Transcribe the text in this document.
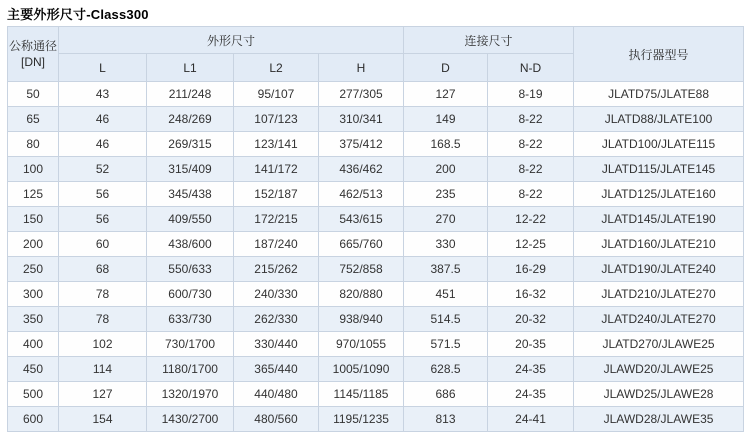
主要外形尺寸-Class300
公称通径
[DN]	外形尺寸				连接尺寸		执行器型号
	L	L1	L2	H	D	N-D	
50	43	211/248	95/107	277/305	127	8-19	JLATD75/JLATE88
65	46	248/269	107/123	310/341	149	8-22	JLATD88/JLATE100
80	46	269/315	123/141	375/412	168.5	8-22	JLATD100/JLATE115
100	52	315/409	141/172	436/462	200	8-22	JLATD115/JLATE145
125	56	345/438	152/187	462/513	235	8-22	JLATD125/JLATE160
150	56	409/550	172/215	543/615	270	12-22	JLATD145/JLATE190
200	60	438/600	187/240	665/760	330	12-25	JLATD160/JLATE210
250	68	550/633	215/262	752/858	387.5	16-29	JLATD190/JLATE240
300	78	600/730	240/330	820/880	451	16-32	JLATD210/JLATE270
350	78	633/730	262/330	938/940	514.5	20-32	JLATD240/JLATE270
400	102	730/1700	330/440	970/1055	571.5	20-35	JLATD270/JLAWE25
450	114	1180/1700	365/440	1005/1090	628.5	24-35	JLAWD20/JLAWE25
500	127	1320/1970	440/480	1145/1185	686	24-35	JLAWD25/JLAWE28
600	154	1430/2700	480/560	1195/1235	813	24-41	JLAWD28/JLAWE35
